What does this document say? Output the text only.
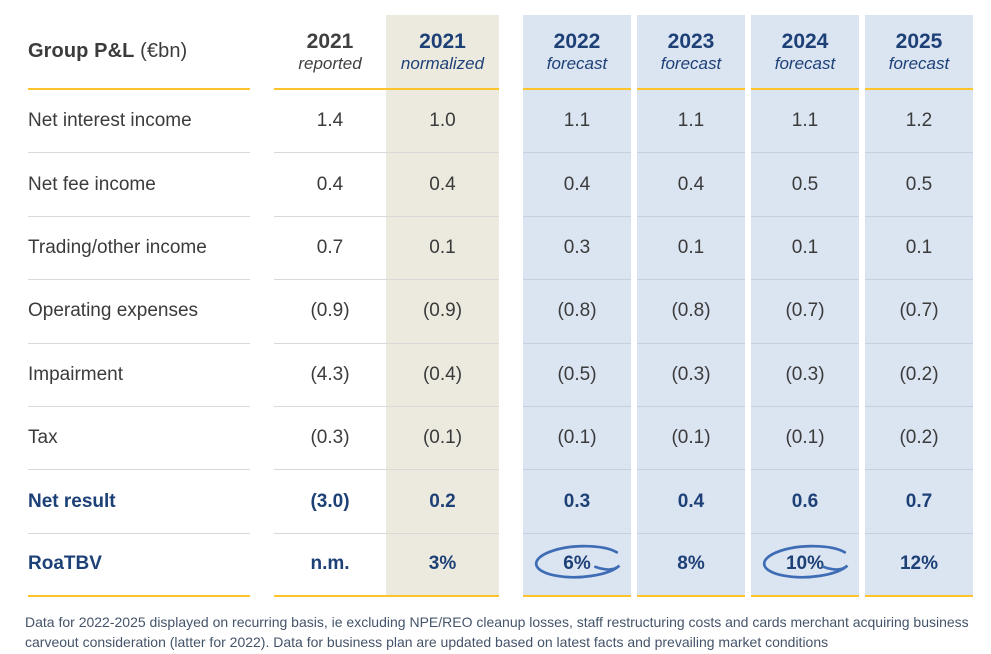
Group P&L (€bn)
Net interest income
Net fee income
Trading/other income
Operating expenses
Impairment
Tax
Net result
RoaTBV
2021
reported
1.4
0.4
0.7
(0.9)
(4.3)
(0.3)
(3.0)
n.m.
2021
normalized
1.0
0.4
0.1
(0.9)
(0.4)
(0.1)
0.2
3%
2022
forecast
1.1
0.4
0.3
(0.8)
(0.5)
(0.1)
0.3
6%
2023
forecast
1.1
0.4
0.1
(0.8)
(0.3)
(0.1)
0.4
8%
2024
forecast
1.1
0.5
0.1
(0.7)
(0.3)
(0.1)
0.6
10%
2025
forecast
1.2
0.5
0.1
(0.7)
(0.2)
(0.2)
0.7
12%
Data for 2022-2025 displayed on recurring basis, ie excluding NPE/REO cleanup losses, staff restructuring costs and cards merchant acquiring business carveout consideration (latter for 2022). Data for business plan are updated based on latest facts and prevailing market conditions
